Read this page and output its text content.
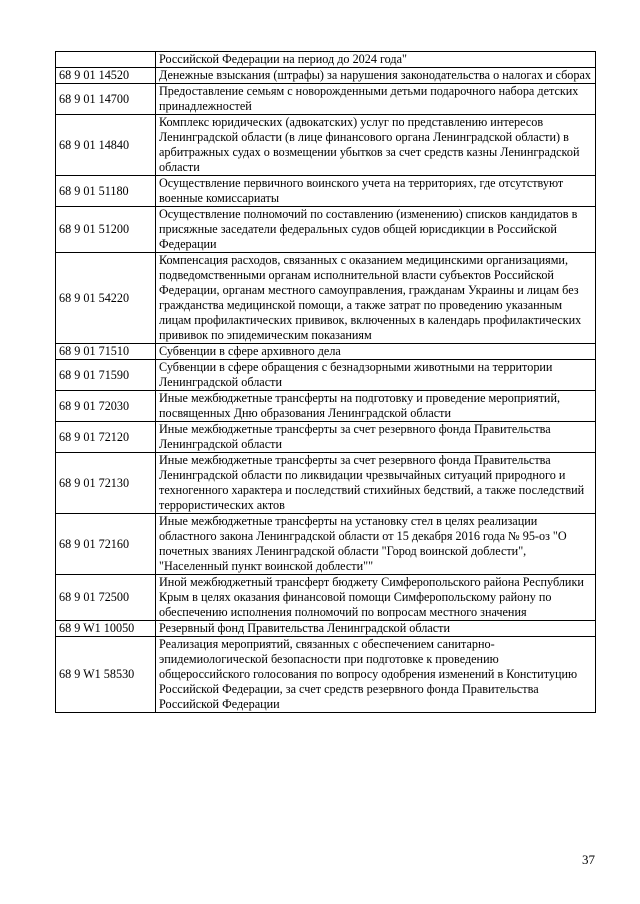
	Российской Федерации на период до 2024 года"
68 9 01 14520	Денежные взыскания (штрафы) за нарушения законодательства о налогах и сборах
68 9 01 14700	Предоставление семьям с новорожденными детьми подарочного набора детских принадлежностей
68 9 01 14840	Комплекс юридических (адвокатских) услуг по представлению интересов Ленинградской области (в лице финансового органа Ленинградской области) в арбитражных судах о возмещении убытков за счет средств казны Ленинградской области
68 9 01 51180	Осуществление первичного воинского учета на территориях, где отсутствуют военные комиссариаты
68 9 01 51200	Осуществление полномочий по составлению (изменению) списков кандидатов в присяжные заседатели федеральных судов общей юрисдикции в Российской Федерации
68 9 01 54220	Компенсация расходов, связанных с оказанием медицинскими организациями, подведомственными органам исполнительной власти субъектов Российской Федерации, органам местного самоуправления, гражданам Украины и лицам без гражданства медицинской помощи, а также затрат по проведению указанным лицам профилактических прививок, включенных в календарь профилактических прививок по эпидемическим показаниям
68 9 01 71510	Субвенции в сфере архивного дела
68 9 01 71590	Субвенции в сфере обращения с безнадзорными животными на территории Ленинградской области
68 9 01 72030	Иные межбюджетные трансферты на подготовку и проведение мероприятий, посвященных Дню образования Ленинградской области
68 9 01 72120	Иные межбюджетные трансферты за счет резервного фонда Правительства Ленинградской области
68 9 01 72130	Иные межбюджетные трансферты за счет резервного фонда Правительства Ленинградской области по ликвидации чрезвычайных ситуаций природного и техногенного характера и последствий стихийных бедствий, а также последствий террористических актов
68 9 01 72160	Иные межбюджетные трансферты на установку стел в целях реализации областного закона Ленинградской области от 15 декабря 2016 года № 95-оз "О почетных званиях Ленинградской области "Город воинской доблести", "Населенный пункт воинской доблести""
68 9 01 72500	Иной межбюджетный трансферт бюджету Симферопольского района Республики Крым в целях оказания финансовой помощи Симферопольскому району по обеспечению исполнения полномочий по вопросам местного значения
68 9 W1 10050	Резервный фонд Правительства Ленинградской области
68 9 W1 58530	Реализация мероприятий, связанных с обеспечением санитарно-эпидемиологической безопасности при подготовке к проведению общероссийского голосования по вопросу одобрения изменений в Конституцию Российской Федерации, за счет средств резервного фонда Правительства Российской Федерации
37
